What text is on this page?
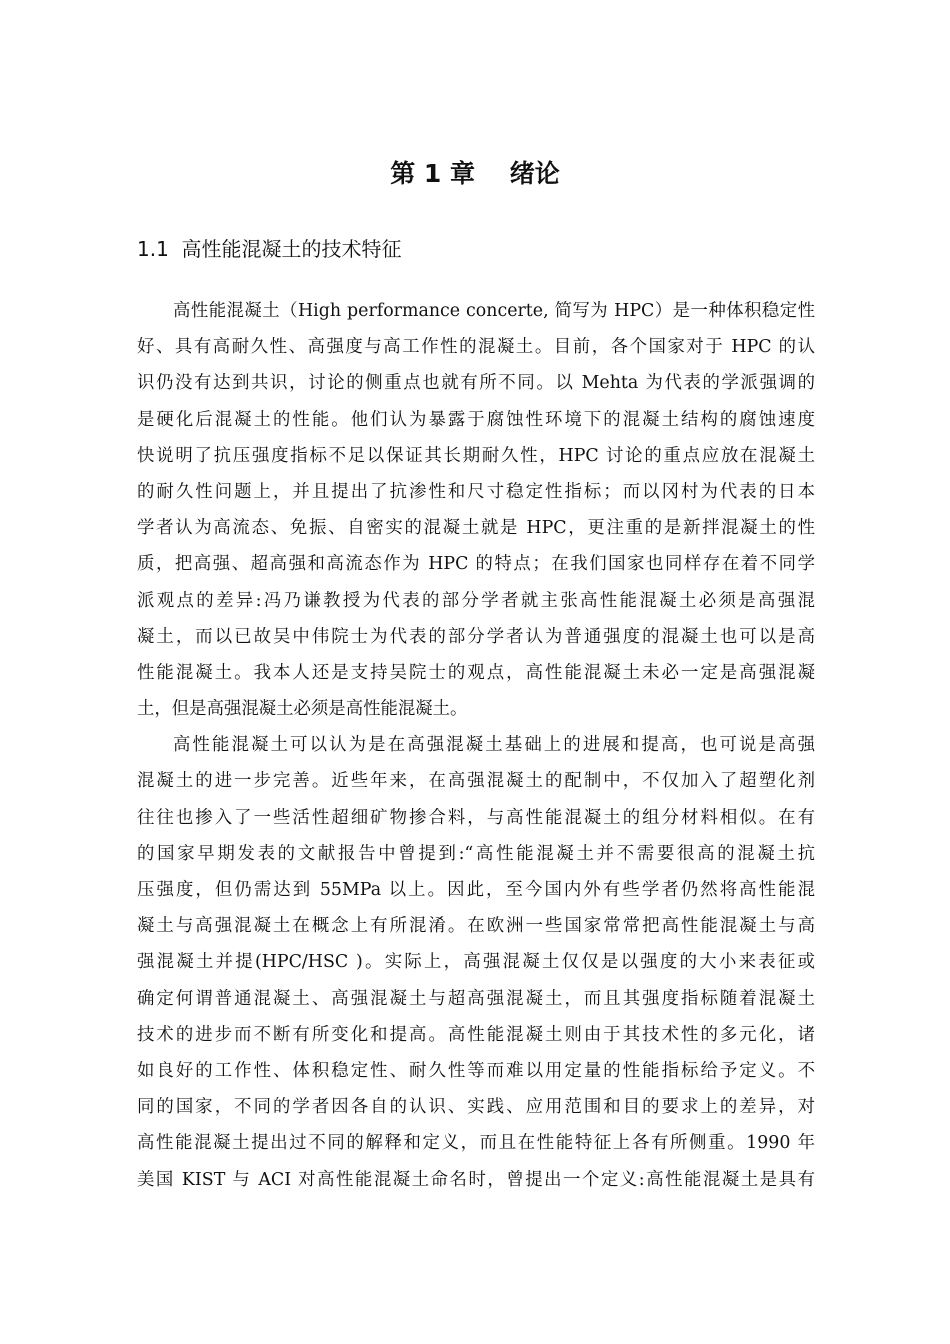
第 1 章    绪论
1.1  高性能混凝土的技术特征
高性能混凝土（High performance concerte, 简写为 HPC）是一种体积稳定性
好、具有高耐久性、高强度与高工作性的混凝土。目前，各个国家对于 HPC 的认
识仍没有达到共识，讨论的侧重点也就有所不同。以 Mehta 为代表的学派强调的
是硬化后混凝土的性能。他们认为暴露于腐蚀性环境下的混凝土结构的腐蚀速度
快说明了抗压强度指标不足以保证其长期耐久性，HPC 讨论的重点应放在混凝土
的耐久性问题上，并且提出了抗渗性和尺寸稳定性指标；而以冈村为代表的日本
学者认为高流态、免振、自密实的混凝土就是 HPC，更注重的是新拌混凝土的性
质，把高强、超高强和高流态作为 HPC 的特点；在我们国家也同样存在着不同学
派观点的差异:冯乃谦教授为代表的部分学者就主张高性能混凝土必须是高强混
凝土，而以已故吴中伟院士为代表的部分学者认为普通强度的混凝土也可以是高
性能混凝土。我本人还是支持吴院士的观点，高性能混凝土未必一定是高强混凝
土，但是高强混凝土必须是高性能混凝土。
高性能混凝土可以认为是在高强混凝土基础上的进展和提高，也可说是高强
混凝土的进一步完善。近些年来，在高强混凝土的配制中，不仅加入了超塑化剂
往往也掺入了一些活性超细矿物掺合料，与高性能混凝土的组分材料相似。在有
的国家早期发表的文献报告中曾提到:“高性能混凝土并不需要很高的混凝土抗
压强度，但仍需达到 55MPa 以上。因此，至今国内外有些学者仍然将高性能混
凝土与高强混凝土在概念上有所混淆。在欧洲一些国家常常把高性能混凝土与高
强混凝土并提(HPC/HSC )。实际上，高强混凝土仅仅是以强度的大小来表征或
确定何谓普通混凝土、高强混凝土与超高强混凝土，而且其强度指标随着混凝土
技术的进步而不断有所变化和提高。高性能混凝土则由于其技术性的多元化，诸
如良好的工作性、体积稳定性、耐久性等而难以用定量的性能指标给予定义。不
同的国家，不同的学者因各自的认识、实践、应用范围和目的要求上的差异，对
高性能混凝土提出过不同的解释和定义，而且在性能特征上各有所侧重。1990 年
美国 KIST 与 ACI 对高性能混凝土命名时，曾提出一个定义:高性能混凝土是具有
